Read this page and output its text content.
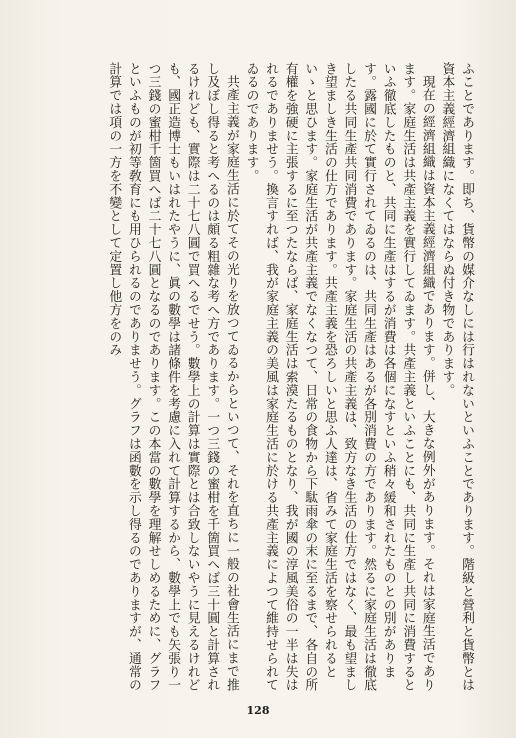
ふことであります。即ち、貨幣の媒介なしには行はれないといふことであります。階級と營利と貨幣とは資本主義經濟組織になくてはならぬ付き物であります。

現在の經濟組織は資本主義經濟組織であります。併し、大きな例外があります。それは家庭生活であります。家庭生活は共產主義を實行してゐます。共產主義といふことにも、共同に生產し共同に消費するといふ徹底したものと、共同に生產はするが消費は各個になすといふ稍々緩和されたものとの別があります。露國に於て實行されてゐるのは、共同生產はあるが各別消費の方であります。然るに家庭生活は徹底したる共同生產共同消費であります。家庭生活の共產主義は、致方なき生活の仕方ではなく、最も望ましき望ましき生活の仕方であります。共產主義を恐ろしいと思ふ人達は、省みて家庭生活を察せられるといゝと思ひます。家庭生活が共產主義でなくなつて、日常の食物から下駄雨傘の末に至るまで、各自の所有權を強硬に主張するに至つたならば、家庭生活は索漠たるものとなり、我が國の淳風美俗の一半は失はれるでありませう。換言すれば、我が家庭主義の美風は家庭生活に於ける共產主義によつて維持せられてゐるのであります。

共產主義が家庭生活に於てその光りを放つてゐるからといつて、それを直ちに一般の社會生活にまで推し及ぼし得ると考へるのは頗る粗雜な考へ方であります。一つ三錢の蜜柑を千箇買へば三十圓と計算されるけれども、實際は二十七八圓で買へるでせう。數學上の計算は實際とは合致しないやうに見えるけれども、國正造博士もいはれたやうに、眞の數學は諸條件を考慮に入れて計算するから、數學上でも矢張り一つ三錢の蜜柑千箇買へば二十七八圓となるのであります。この本當の數學を理解せしめるために、グラフといふものが初等敎育にも用ひられるのでありませう。グラフは函數を示し得るのでありますが、通常の計算では項の一方を不變として定置し他方をのみ

128
